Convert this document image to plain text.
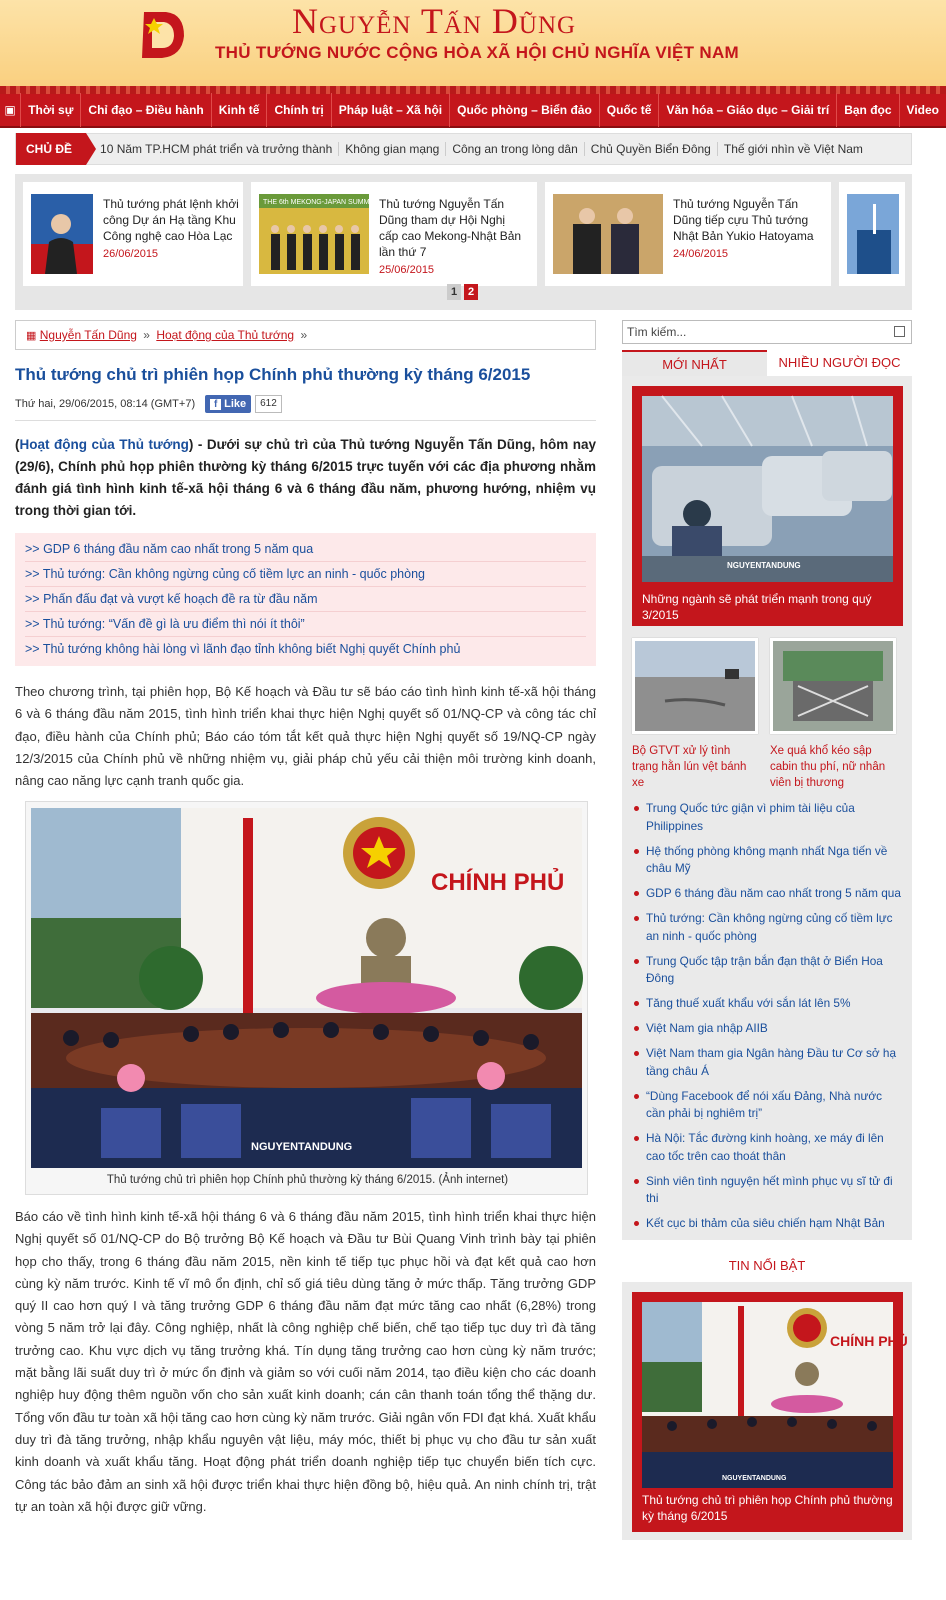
Nguyễn Tấn Dũng
THỦ TƯỚNG NƯỚC CỘNG HÒA XÃ HỘI CHỦ NGHĨA VIỆT NAM
▣	Thời sự	Chỉ đạo – Điều hành	Kinh tế	Chính trị	Pháp luật – Xã hội	Quốc phòng – Biển đảo	Quốc tế	Văn hóa – Giáo dục – Giải trí	Bạn đọc	Video
CHỦ ĐỀ	10 Năm TP.HCM phát triển và trưởng thành	Không gian mạng	Công an trong lòng dân	Chủ Quyền Biển Đông	Thế giới nhìn về Việt Nam
Thủ tướng phát lệnh khởi
công Dự án Hạ tầng Khu
Công nghệ cao Hòa Lạc
26/06/2015
THE 6th MEKONG-JAPAN SUMMIT Thủ tướng Nguyễn Tấn
Dũng tham dự Hội Nghị
cấp cao Mekong-Nhật Bản
lần thứ 7
25/06/2015
Thủ tướng Nguyễn Tấn
Dũng tiếp cựu Thủ tướng
Nhật Bản Yukio Hatoyama
24/06/2015
1 2
▦ Nguyễn Tấn Dũng » Hoạt động của Thủ tướng »
Thủ tướng chủ trì phiên họp Chính phủ thường kỳ tháng 6/2015
Thứ hai, 29/06/2015, 08:14 (GMT+7)	f Like	612
(Hoạt động của Thủ tướng) - Dưới sự chủ trì của Thủ tướng Nguyễn Tấn Dũng, hôm nay (29/6), Chính phủ họp phiên thường kỳ tháng 6/2015 trực tuyến với các địa phương nhằm đánh giá tình hình kinh tế-xã hội tháng 6 và 6 tháng đầu năm, phương hướng, nhiệm vụ trong thời gian tới.
>> GDP 6 tháng đầu năm cao nhất trong 5 năm qua
>> Thủ tướng: Cần không ngừng củng cố tiềm lực an ninh - quốc phòng
>> Phấn đấu đạt và vượt kế hoạch đề ra từ đầu năm
>> Thủ tướng: “Vấn đề gì là ưu điểm thì nói ít thôi”
>> Thủ tướng không hài lòng vì lãnh đạo tỉnh không biết Nghị quyết Chính phủ
Theo chương trình, tại phiên họp, Bộ Kế hoạch và Đầu tư sẽ báo cáo tình hình kinh tế-xã hội tháng 6 và 6 tháng đầu năm 2015, tình hình triển khai thực hiện Nghị quyết số 01/NQ-CP và công tác chỉ đạo, điều hành của Chính phủ; Báo cáo tóm tắt kết quả thực hiện Nghị quyết số 19/NQ-CP ngày 12/3/2015 của Chính phủ về những nhiệm vụ, giải pháp chủ yếu cải thiện môi trường kinh doanh, nâng cao năng lực cạnh tranh quốc gia.
CHÍNH PHỦ
NGUYENTANDUNG
Thủ tướng chủ trì phiên họp Chính phủ thường kỳ tháng 6/2015. (Ảnh internet)
Báo cáo về tình hình kinh tế-xã hội tháng 6 và 6 tháng đầu năm 2015, tình hình triển khai thực hiện Nghị quyết số 01/NQ-CP do Bộ trưởng Bộ Kế hoạch và Đầu tư Bùi Quang Vinh trình bày tại phiên họp cho thấy, trong 6 tháng đầu năm 2015, nền kinh tế tiếp tục phục hồi và đạt kết quả cao hơn cùng kỳ năm trước. Kinh tế vĩ mô ổn định, chỉ số giá tiêu dùng tăng ở mức thấp. Tăng trưởng GDP quý II cao hơn quý I và tăng trưởng GDP 6 tháng đầu năm đạt mức tăng cao nhất (6,28%) trong vòng 5 năm trở lại đây. Công nghiệp, nhất là công nghiệp chế biến, chế tạo tiếp tục duy trì đà tăng trưởng cao. Khu vực dịch vụ tăng trưởng khá. Tín dụng tăng trưởng cao hơn cùng kỳ năm trước; mặt bằng lãi suất duy trì ở mức ổn định và giảm so với cuối năm 2014, tạo điều kiện cho các doanh nghiệp huy động thêm nguồn vốn cho sản xuất kinh doanh; cán cân thanh toán tổng thể thặng dư. Tổng vốn đầu tư toàn xã hội tăng cao hơn cùng kỳ năm trước. Giải ngân vốn FDI đạt khá. Xuất khẩu duy trì đà tăng trưởng, nhập khẩu nguyên vật liệu, máy móc, thiết bị phục vụ cho đầu tư sản xuất kinh doanh và xuất khẩu tăng. Hoạt động phát triển doanh nghiệp tiếp tục chuyển biến tích cực. Công tác bảo đảm an sinh xã hội được triển khai thực hiện đồng bộ, hiệu quả. An ninh chính trị, trật tự an toàn xã hội được giữ vững.
Tìm kiếm...
MỚI NHẤT	NHIỀU NGƯỜI ĐỌC
NGUYENTANDUNG
Những ngành sẽ phát triển mạnh trong quý 3/2015
Bộ GTVT xử lý tình trạng hằn lún vệt bánh xe
Xe quá khổ kéo sập cabin thu phí, nữ nhân viên bị thương
Trung Quốc tức giận vì phim tài liệu của Philippines
Hệ thống phòng không mạnh nhất Nga tiến về châu Mỹ
GDP 6 tháng đầu năm cao nhất trong 5 năm qua
Thủ tướng: Cần không ngừng củng cố tiềm lực an ninh - quốc phòng
Trung Quốc tập trận bắn đạn thật ở Biển Hoa Đông
Tăng thuế xuất khẩu với sắn lát lên 5%
Việt Nam gia nhập AIIB
Việt Nam tham gia Ngân hàng Đầu tư Cơ sở hạ tầng châu Á
“Dùng Facebook để nói xấu Đảng, Nhà nước cần phải bị nghiêm trị”
Hà Nội: Tắc đường kinh hoàng, xe máy đi lên cao tốc trên cao thoát thân
Sinh viên tình nguyện hết mình phục vụ sĩ tử đi thi
Kết cục bi thảm của siêu chiến hạm Nhật Bản
TIN NỔI BẬT
CHÍNH PHỦ
NGUYENTANDUNG
Thủ tướng chủ trì phiên họp Chính phủ thường kỳ tháng 6/2015
